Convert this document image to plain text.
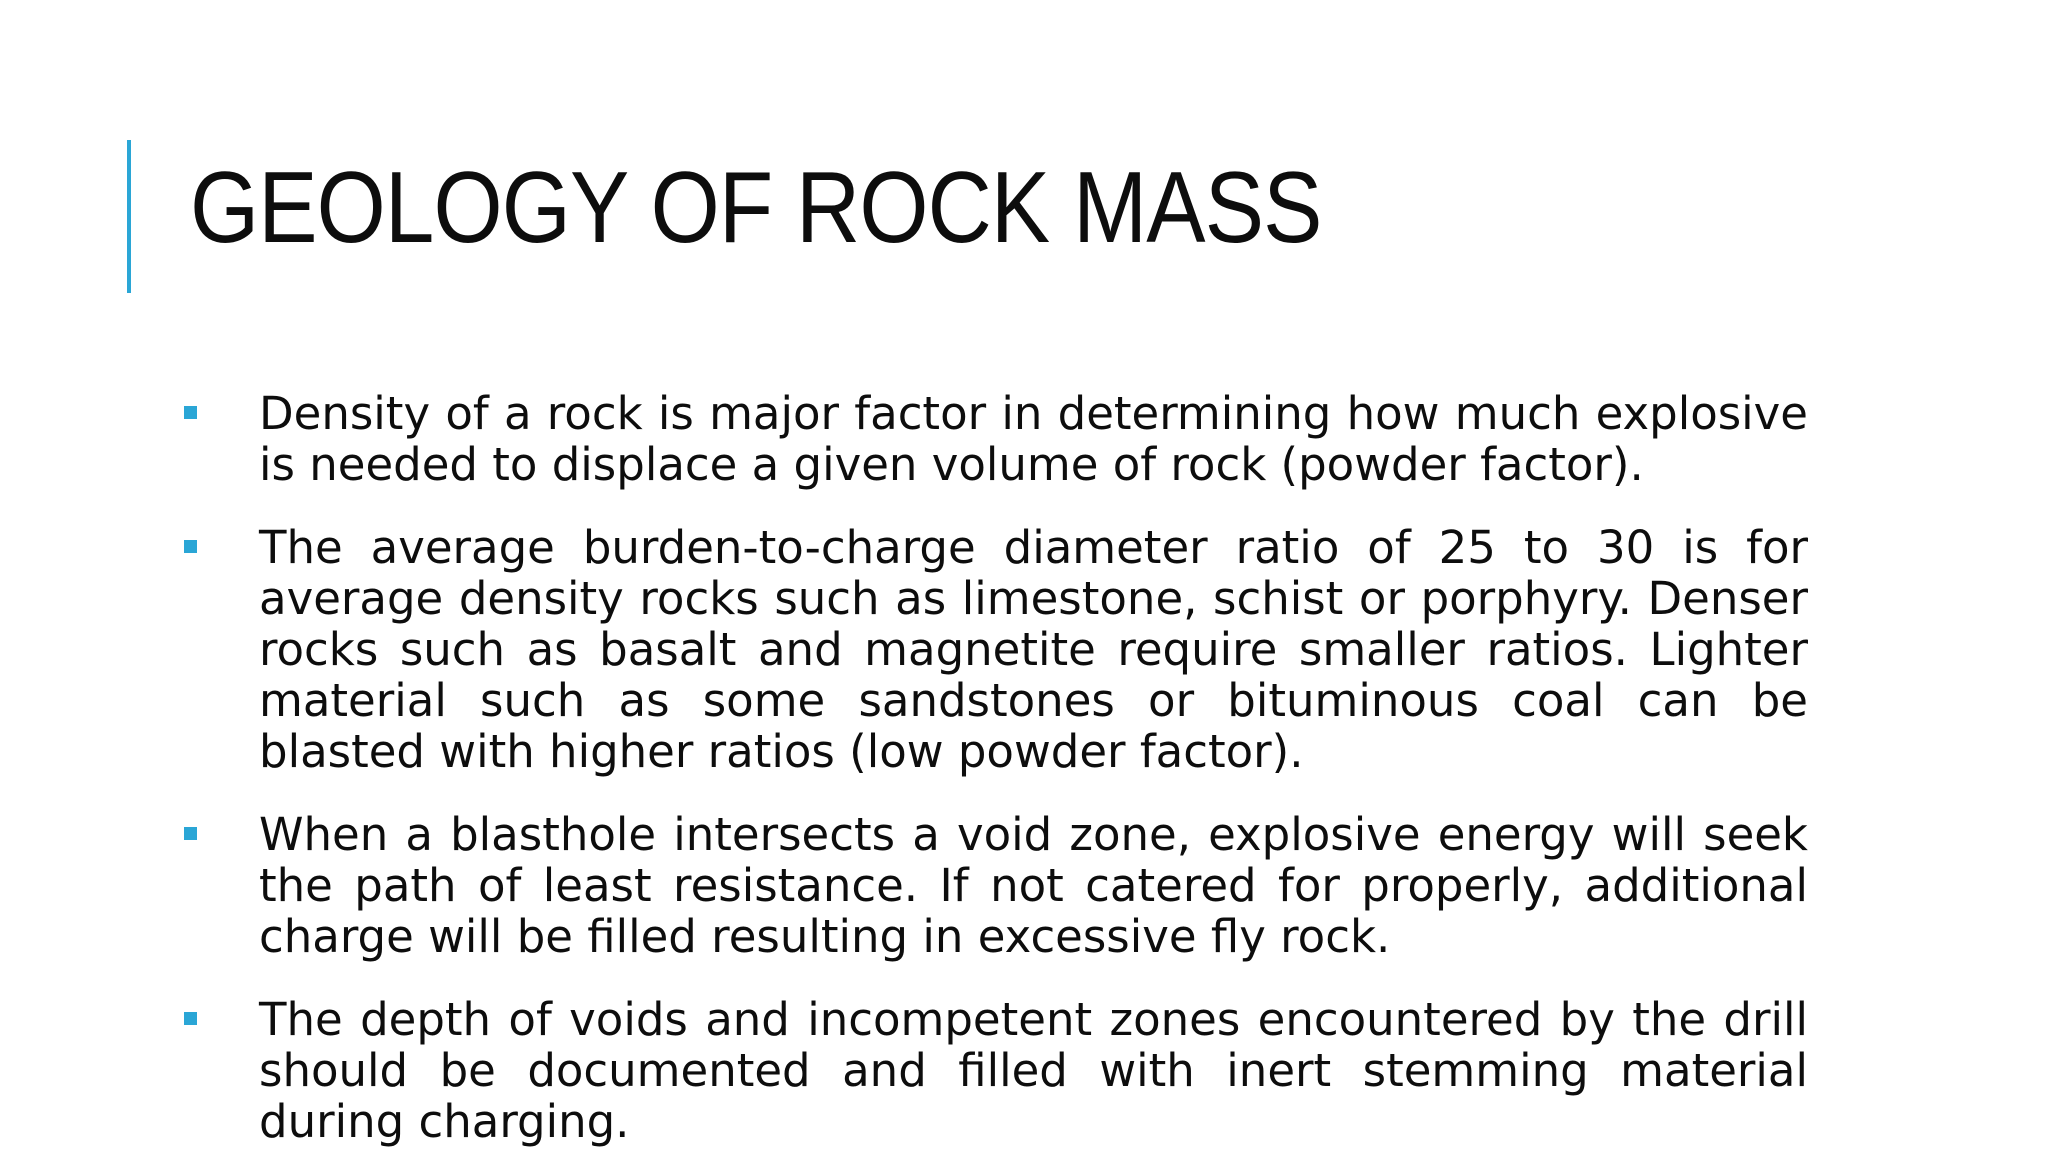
GEOLOGY OF ROCK MASS
Density of a rock is major factor in determining how much explosive is needed to displace a given volume of rock (powder factor).
The average burden-to-charge diameter ratio of 25 to 30 is for average density rocks such as limestone, schist or porphyry. Denser rocks such as basalt and magnetite require smaller ratios. Lighter material such as some sandstones or bituminous coal can be blasted with higher ratios (low powder factor).
When a blasthole intersects a void zone, explosive energy will seek the path of least resistance. If not catered for properly, additional charge will be filled resulting in excessive fly rock.
The depth of voids and incompetent zones encountered by the drill should be documented and filled with inert stemming material during charging.
